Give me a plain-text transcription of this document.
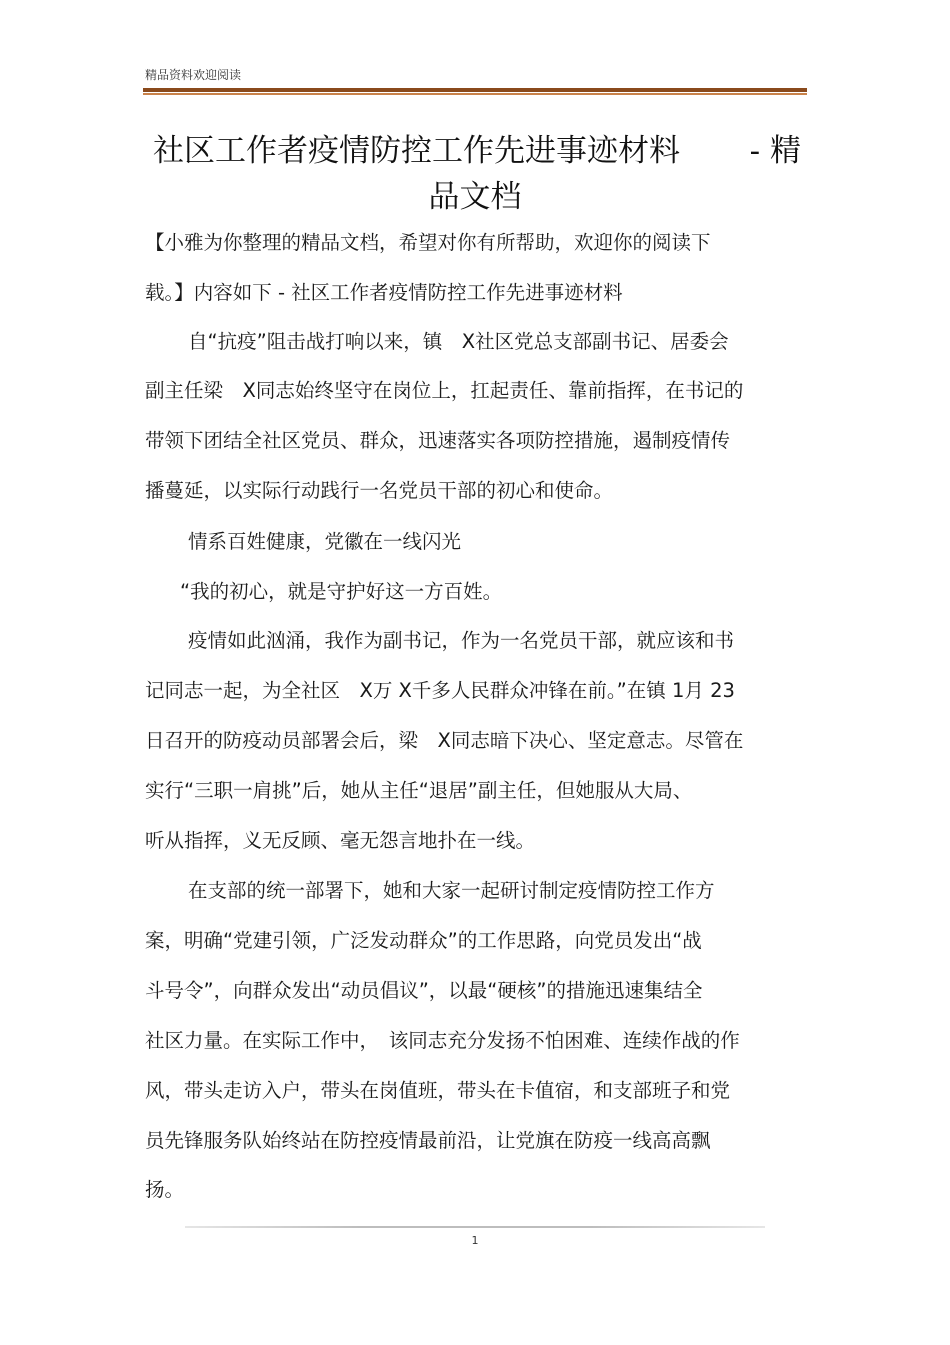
精品资料欢迎阅读
社区工作者疫情防控工作先进事迹材料 - 精
品文档
【小雅为你整理的精品文档，希望对你有所帮助，欢迎你的阅读下
载。】内容如下 - 社区工作者疫情防控工作先进事迹材料
自“抗疫”阻击战打响以来，镇　X社区党总支部副书记、居委会
副主任梁　X同志始终坚守在岗位上，扛起责任、靠前指挥，在书记的
带领下团结全社区党员、群众，迅速落实各项防控措施，遏制疫情传
播蔓延，以实际行动践行一名党员干部的初心和使命。
情系百姓健康，党徽在一线闪光
“我的初心，就是守护好这一方百姓。
疫情如此汹涌，我作为副书记，作为一名党员干部，就应该和书
记同志一起，为全社区　X万 X千多人民群众冲锋在前。”在镇 1月 23
日召开的防疫动员部署会后，梁　X同志暗下决心、坚定意志。尽管在
实行“三职一肩挑”后，她从主任“退居”副主任，但她服从大局、
听从指挥，义无反顾、毫无怨言地扑在一线。
在支部的统一部署下，她和大家一起研讨制定疫情防控工作方
案，明确“党建引领，广泛发动群众”的工作思路，向党员发出“战
斗号令”，向群众发出“动员倡议”，以最“硬核”的措施迅速集结全
社区力量。在实际工作中，　该同志充分发扬不怕困难、连续作战的作
风，带头走访入户，带头在岗值班，带头在卡值宿，和支部班子和党
员先锋服务队始终站在防控疫情最前沿，让党旗在防疫一线高高飘
扬。
1
